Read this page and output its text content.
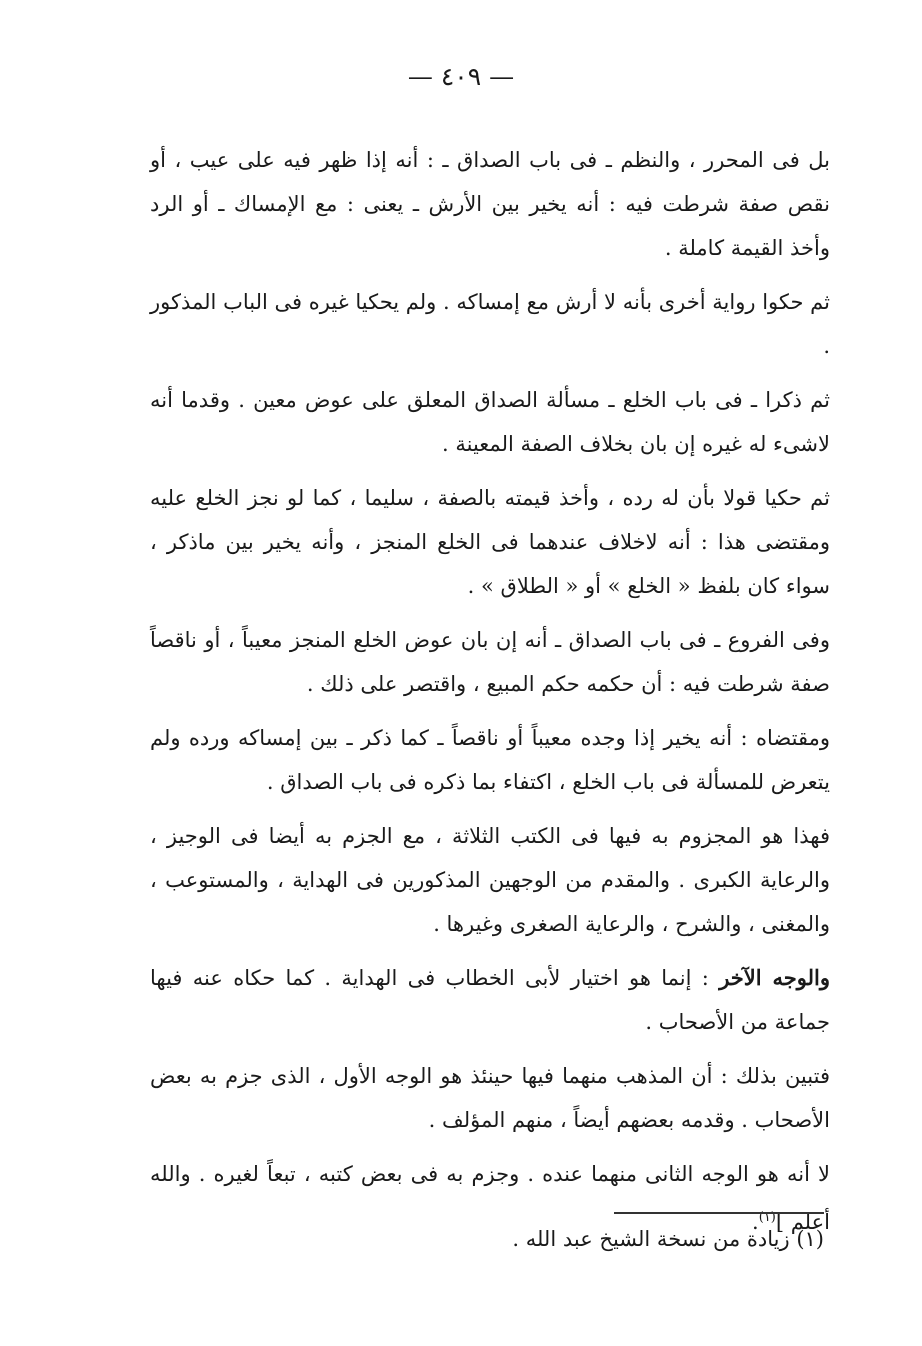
— ٤٠٩ —

بل فى المحرر ، والنظم ـ فى باب الصداق ـ : أنه إذا ظهر فيه على عيب ، أو نقص صفة شرطت فيه : أنه يخير بين الأرش ـ يعنى : مع الإمساك ـ أو الرد وأخذ القيمة كاملة .

ثم حكوا رواية أخرى بأنه لا أرش مع إمساكه . ولم يحكيا غيره فى الباب المذكور .

ثم ذكرا ـ فى باب الخلع ـ مسألة الصداق المعلق على عوض معين . وقدما أنه لاشىء له غيره إن بان بخلاف الصفة المعينة .

ثم حكيا قولا بأن له رده ، وأخذ قيمته بالصفة ، سليما ، كما لو نجز الخلع عليه ومقتضى هذا : أنه لاخلاف عندهما فى الخلع المنجز ، وأنه يخير بين ماذكر ، سواء كان بلفظ « الخلع » أو « الطلاق » .

وفى الفروع ـ فى باب الصداق ـ أنه إن بان عوض الخلع المنجز معيباً ، أو ناقصاً صفة شرطت فيه : أن حكمه حكم المبيع ، واقتصر على ذلك .

ومقتضاه : أنه يخير إذا وجده معيباً أو ناقصاً ـ كما ذكر ـ بين إمساكه ورده ولم يتعرض للمسألة فى باب الخلع ، اكتفاء بما ذكره فى باب الصداق .

فهذا هو المجزوم به فيها فى الكتب الثلاثة ، مع الجزم به أيضا فى الوجيز ، والرعاية الكبرى . والمقدم من الوجهين المذكورين فى الهداية ، والمستوعب ، والمغنى ، والشرح ، والرعاية الصغرى وغيرها .

والوجه الآخر : إنما هو اختيار لأبى الخطاب فى الهداية . كما حكاه عنه فيها جماعة من الأصحاب .

فتبين بذلك : أن المذهب منهما فيها حينئذ هو الوجه الأول ، الذى جزم به بعض الأصحاب . وقدمه بعضهم أيضاً ، منهم المؤلف .

لا أنه هو الوجه الثانى منهما عنده . وجزم به فى بعض كتبه ، تبعاً لغيره . والله أعلم ]$^{(١)}$.

(١) زيادة من نسخة الشيخ عبد الله .
